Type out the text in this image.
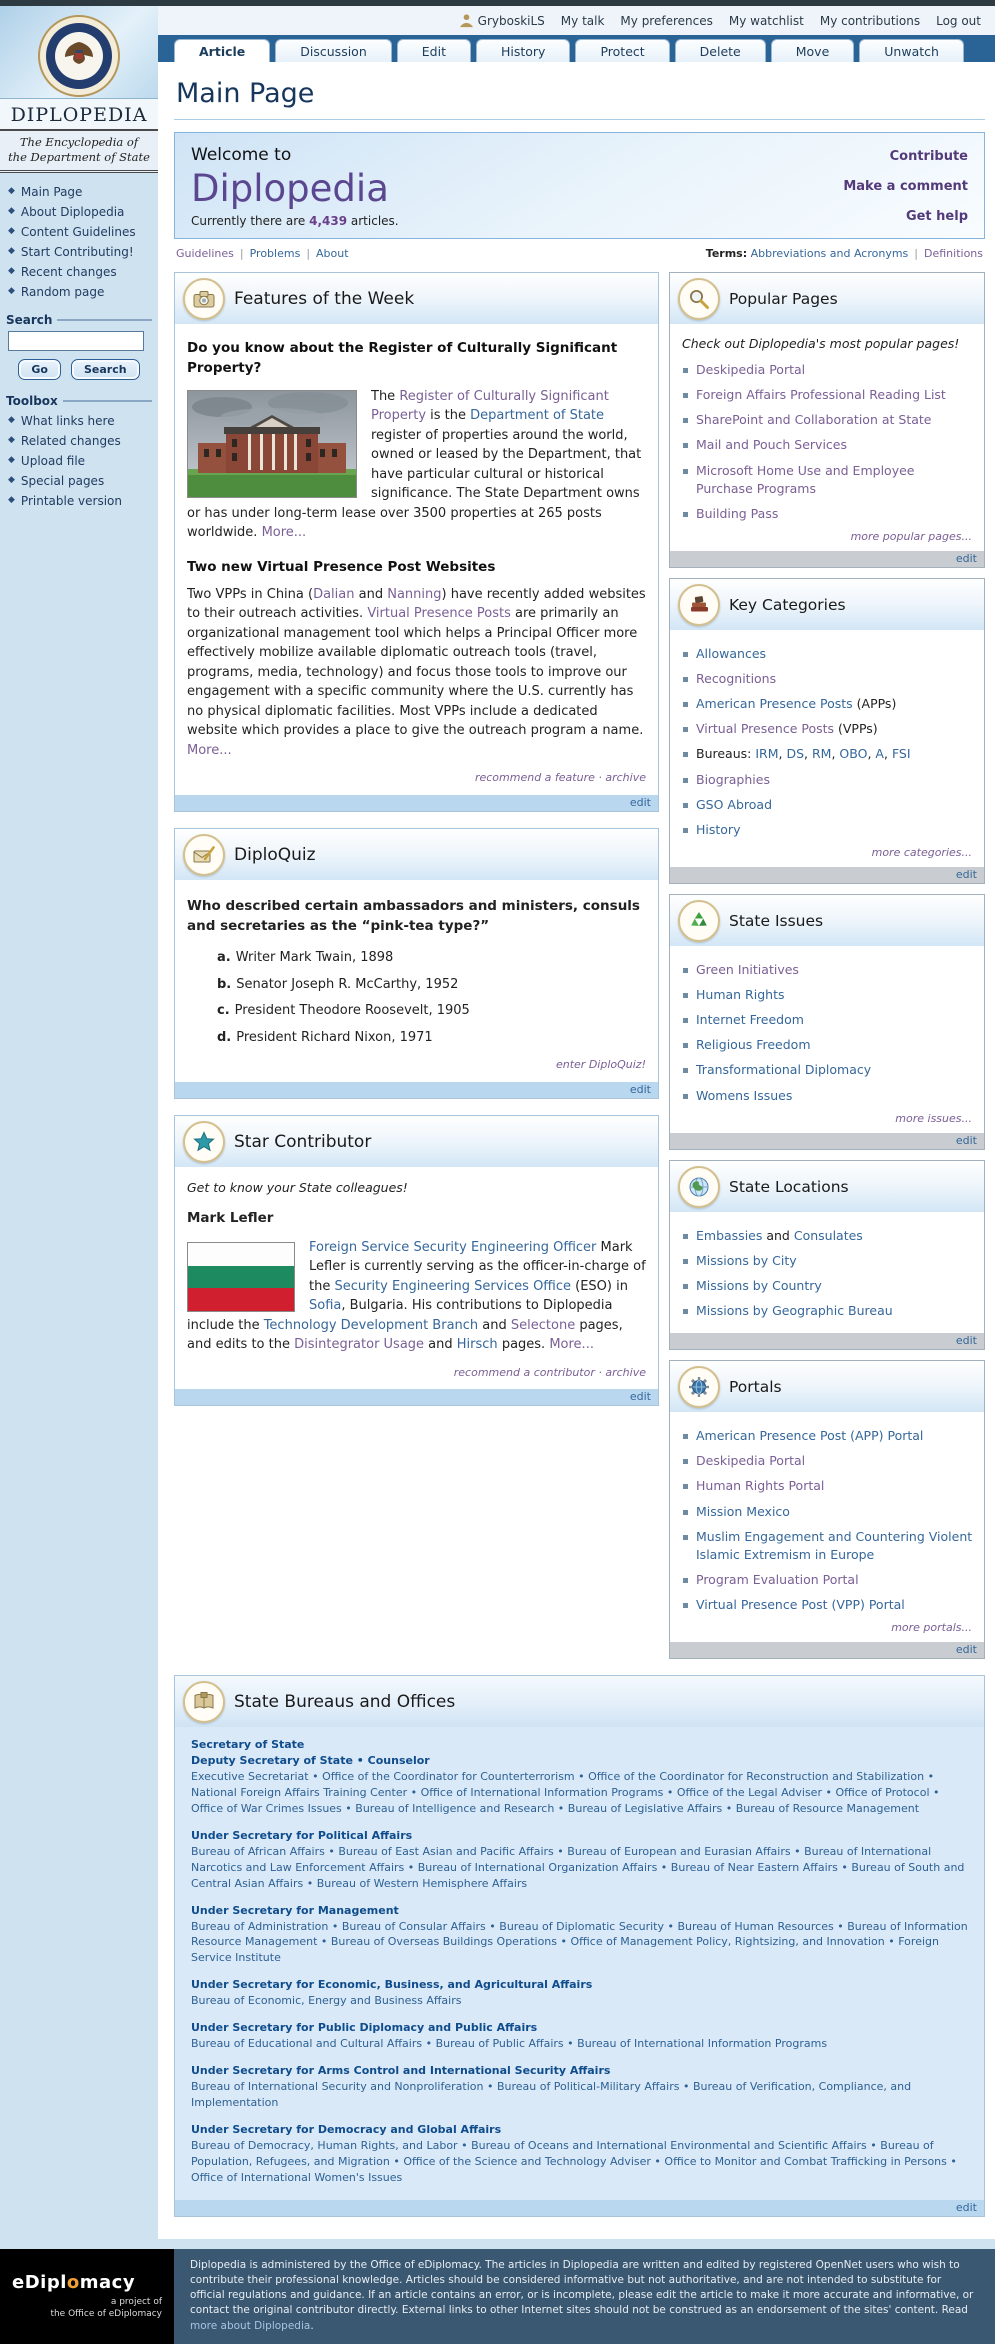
DIPLOPEDIA
The Encyclopedia of
the Department of State
◆ Main Page
◆ About Diplopedia
◆ Content Guidelines
◆ Start Contributing!
◆ Recent changes
◆ Random page
Search
Go	Search
Toolbox
◆ What links here
◆ Related changes
◆ Upload file
◆ Special pages
◆ Printable version
GryboskiLS My talk My preferences My watchlist My contributions Log out
Article	Discussion	Edit	History	Protect	Delete	Move	Unwatch
Main Page
Welcome to
Diplopedia
Currently there are 4,439 articles.
Contribute
Make a comment
Get help
Guidelines | Problems | About	Terms: Abbreviations and Acronyms | Definitions
Features of the Week
Do you know about the Register of Culturally Significant Property?
The Register of Culturally Significant Property is the Department of State register of properties around the world, owned or leased by the Department, that have particular cultural or historical significance. The State Department owns or has under long-term lease over 3500 properties at 265 posts worldwide. More...
Two new Virtual Presence Post Websites
Two VPPs in China (Dalian and Nanning) have recently added websites to their outreach activities. Virtual Presence Posts are primarily an organizational management tool which helps a Principal Officer more effectively mobilize available diplomatic outreach tools (travel, programs, media, technology) and focus those tools to improve our engagement with a specific community where the U.S. currently has no physical diplomatic facilities. Most VPPs include a dedicated website which provides a place to give the outreach program a name. More...
recommend a feature · archive
edit
DiploQuiz
Who described certain ambassadors and ministers, consuls and secretaries as the “pink-tea type?”
a. Writer Mark Twain, 1898
b. Senator Joseph R. McCarthy, 1952
c. President Theodore Roosevelt, 1905
d. President Richard Nixon, 1971
enter DiploQuiz!
edit
Star Contributor
Get to know your State colleagues!
Mark Lefler
Foreign Service Security Engineering Officer Mark Lefler is currently serving as the officer-in-charge of the Security Engineering Services Office (ESO) in Sofia, Bulgaria. His contributions to Diplopedia include the Technology Development Branch and Selectone pages, and edits to the Disintegrator Usage and Hirsch pages. More...
recommend a contributor · archive
edit
Popular Pages
Check out Diplopedia's most popular pages!
Deskipedia Portal
Foreign Affairs Professional Reading List
SharePoint and Collaboration at State
Mail and Pouch Services
Microsoft Home Use and Employee Purchase Programs
Building Pass
more popular pages...
edit
Key Categories
Allowances
Recognitions
American Presence Posts (APPs)
Virtual Presence Posts (VPPs)
Bureaus: IRM, DS, RM, OBO, A, FSI
Biographies
GSO Abroad
History
more categories...
edit
State Issues
Green Initiatives
Human Rights
Internet Freedom
Religious Freedom
Transformational Diplomacy
Womens Issues
more issues...
edit
State Locations
Embassies and Consulates
Missions by City
Missions by Country
Missions by Geographic Bureau
edit
Portals
American Presence Post (APP) Portal
Deskipedia Portal
Human Rights Portal
Mission Mexico
Muslim Engagement and Countering Violent Islamic Extremism in Europe
Program Evaluation Portal
Virtual Presence Post (VPP) Portal
more portals...
edit
State Bureaus and Offices
Secretary of State
Deputy Secretary of State • Counselor
Executive Secretariat • Office of the Coordinator for Counterterrorism • Office of the Coordinator for Reconstruction and Stabilization • National Foreign Affairs Training Center • Office of International Information Programs • Office of the Legal Adviser • Office of Protocol • Office of War Crimes Issues • Bureau of Intelligence and Research • Bureau of Legislative Affairs • Bureau of Resource Management
Under Secretary for Political Affairs
Bureau of African Affairs • Bureau of East Asian and Pacific Affairs • Bureau of European and Eurasian Affairs • Bureau of International Narcotics and Law Enforcement Affairs • Bureau of International Organization Affairs • Bureau of Near Eastern Affairs • Bureau of South and Central Asian Affairs • Bureau of Western Hemisphere Affairs
Under Secretary for Management
Bureau of Administration • Bureau of Consular Affairs • Bureau of Diplomatic Security • Bureau of Human Resources • Bureau of Information Resource Management • Bureau of Overseas Buildings Operations • Office of Management Policy, Rightsizing, and Innovation • Foreign Service Institute
Under Secretary for Economic, Business, and Agricultural Affairs
Bureau of Economic, Energy and Business Affairs
Under Secretary for Public Diplomacy and Public Affairs
Bureau of Educational and Cultural Affairs • Bureau of Public Affairs • Bureau of International Information Programs
Under Secretary for Arms Control and International Security Affairs
Bureau of International Security and Nonproliferation • Bureau of Political-Military Affairs • Bureau of Verification, Compliance, and Implementation
Under Secretary for Democracy and Global Affairs
Bureau of Democracy, Human Rights, and Labor • Bureau of Oceans and International Environmental and Scientific Affairs • Bureau of Population, Refugees, and Migration • Office of the Science and Technology Adviser • Office to Monitor and Combat Trafficking in Persons • Office of International Women's Issues
edit
eDiplomacy
a project of
the Office of eDiplomacy
Diplopedia is administered by the Office of eDiplomacy. The articles in Diplopedia are written and edited by registered OpenNet users who wish to contribute their professional knowledge. Articles should be considered informative but not authoritative, and are not intended to substitute for official regulations and guidance. If an article contains an error, or is incomplete, please edit the article to make it more accurate and informative, or contact the original contributor directly. External links to other Internet sites should not be construed as an endorsement of the sites' content. Read more about Diplopedia.
